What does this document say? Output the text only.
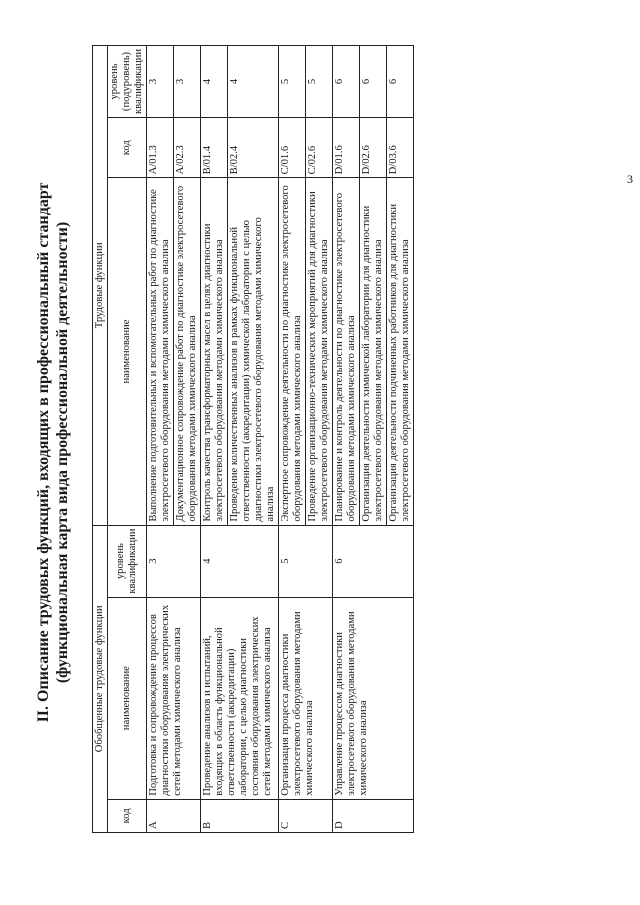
3
II. Описание трудовых функций, входящих в профессиональный стандарт (функциональная карта вида профессиональной деятельности) Обобщенные трудовые функции			Трудовые функции		
код	наименование	уровень квалификации	наименование	код	уровень (подуровень) квалификации
A	Подготовка и сопровождение процессов диагностики оборудования электрических сетей методами химического анализа	3	Выполнение подготовительных и вспомогательных работ по диагностике электросетевого оборудования методами химического анализа	A/01.3	3
			Документационное сопровождение работ по диагностике электросетевого оборудования методами химического анализа	A/02.3	3
B	Проведение анализов и испытаний, входящих в область функциональной ответственности (аккредитации) лаборатории, с целью диагностики состояния оборудования электрических сетей методами химического анализа	4	Контроль качества трансформаторных масел в целях диагностики электросетевого оборудования методами химического анализа	B/01.4	4
			Проведение количественных анализов в рамках функциональной ответственности (аккредитации) химической лаборатории с целью диагностики электросетевого оборудования методами химического анализа	B/02.4	4
C	Организация процесса диагностики электросетевого оборудования методами химического анализа	5	Экспертное сопровождение деятельности по диагностике электросетевого оборудования методами химического анализа	C/01.6	5
			Проведение организационно-технических мероприятий для диагностики электросетевого оборудования методами химического анализа	C/02.6	5
D	Управление процессом диагностики электросетевого оборудования методами химического анализа	6	Планирование и контроль деятельности по диагностике электросетевого оборудования методами химического анализа	D/01.6	6
			Организация деятельности химической лаборатории для диагностики электросетевого оборудования методами химического анализа	D/02.6	6
			Организация деятельности подчиненных работников для диагностики электросетевого оборудования методами химического анализа	D/03.6	6
